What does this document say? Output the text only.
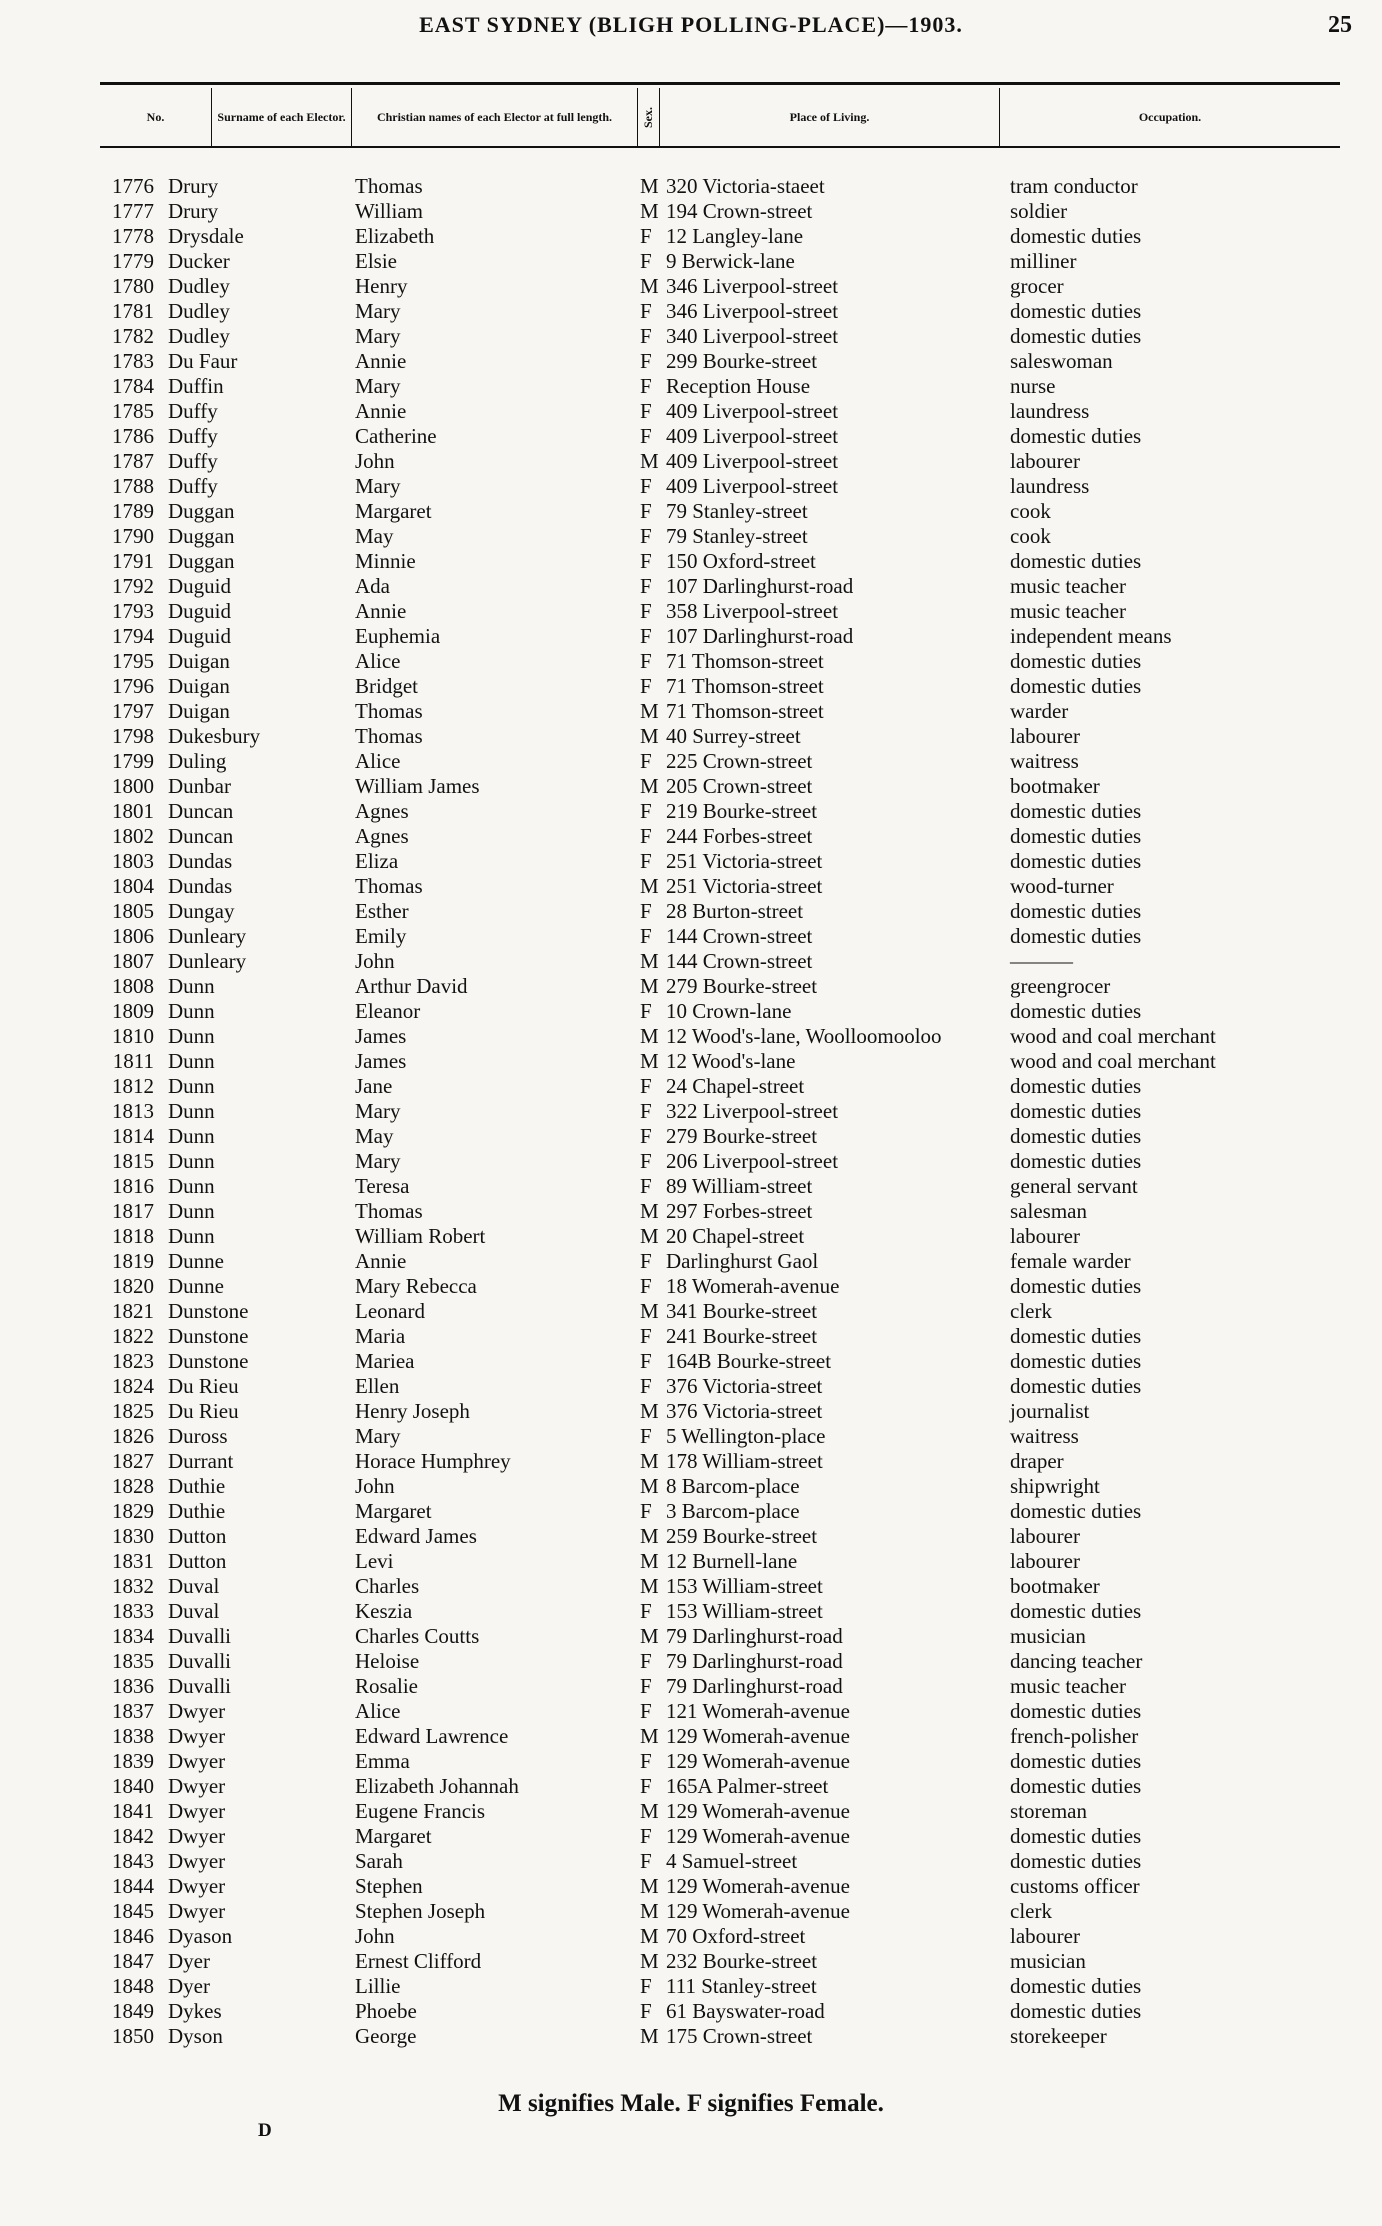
EAST SYDNEY (BLIGH POLLING-PLACE)—1903.	25
No.	Surname of each Elector.	Christian names of each Elector at full length.	Sex.	Place of Living.	Occupation.
1776 Drury	Thomas	M 320 Victoria-staeet	tram conductor
1777 Drury	William	M 194 Crown-street	soldier
1778 Drysdale	Elizabeth	F 12 Langley-lane	domestic duties
1779 Ducker	Elsie	F 9 Berwick-lane	milliner
1780 Dudley	Henry	M 346 Liverpool-street	grocer
1781 Dudley	Mary	F 346 Liverpool-street	domestic duties
1782 Dudley	Mary	F 340 Liverpool-street	domestic duties
1783 Du Faur	Annie	F 299 Bourke-street	saleswoman
1784 Duffin	Mary	F Reception House	nurse
1785 Duffy	Annie	F 409 Liverpool-street	laundress
1786 Duffy	Catherine	F 409 Liverpool-street	domestic duties
1787 Duffy	John	M 409 Liverpool-street	labourer
1788 Duffy	Mary	F 409 Liverpool-street	laundress
1789 Duggan	Margaret	F 79 Stanley-street	cook
1790 Duggan	May	F 79 Stanley-street	cook
1791 Duggan	Minnie	F 150 Oxford-street	domestic duties
1792 Duguid	Ada	F 107 Darlinghurst-road	music teacher
1793 Duguid	Annie	F 358 Liverpool-street	music teacher
1794 Duguid	Euphemia	F 107 Darlinghurst-road	independent means
1795 Duigan	Alice	F 71 Thomson-street	domestic duties
1796 Duigan	Bridget	F 71 Thomson-street	domestic duties
1797 Duigan	Thomas	M 71 Thomson-street	warder
1798 Dukesbury	Thomas	M 40 Surrey-street	labourer
1799 Duling	Alice	F 225 Crown-street	waitress
1800 Dunbar	William James	M 205 Crown-street	bootmaker
1801 Duncan	Agnes	F 219 Bourke-street	domestic duties
1802 Duncan	Agnes	F 244 Forbes-street	domestic duties
1803 Dundas	Eliza	F 251 Victoria-street	domestic duties
1804 Dundas	Thomas	M 251 Victoria-street	wood-turner
1805 Dungay	Esther	F 28 Burton-street	domestic duties
1806 Dunleary	Emily	F 144 Crown-street	domestic duties
1807 Dunleary	John	M 144 Crown-street	———
1808 Dunn	Arthur David	M 279 Bourke-street	greengrocer
1809 Dunn	Eleanor	F 10 Crown-lane	domestic duties
1810 Dunn	James	M 12 Wood's-lane, Woolloomooloo	wood and coal merchant
1811 Dunn	James	M 12 Wood's-lane	wood and coal merchant
1812 Dunn	Jane	F 24 Chapel-street	domestic duties
1813 Dunn	Mary	F 322 Liverpool-street	domestic duties
1814 Dunn	May	F 279 Bourke-street	domestic duties
1815 Dunn	Mary	F 206 Liverpool-street	domestic duties
1816 Dunn	Teresa	F 89 William-street	general servant
1817 Dunn	Thomas	M 297 Forbes-street	salesman
1818 Dunn	William Robert	M 20 Chapel-street	labourer
1819 Dunne	Annie	F Darlinghurst Gaol	female warder
1820 Dunne	Mary Rebecca	F 18 Womerah-avenue	domestic duties
1821 Dunstone	Leonard	M 341 Bourke-street	clerk
1822 Dunstone	Maria	F 241 Bourke-street	domestic duties
1823 Dunstone	Mariea	F 164B Bourke-street	domestic duties
1824 Du Rieu	Ellen	F 376 Victoria-street	domestic duties
1825 Du Rieu	Henry Joseph	M 376 Victoria-street	journalist
1826 Duross	Mary	F 5 Wellington-place	waitress
1827 Durrant	Horace Humphrey	M 178 William-street	draper
1828 Duthie	John	M 8 Barcom-place	shipwright
1829 Duthie	Margaret	F 3 Barcom-place	domestic duties
1830 Dutton	Edward James	M 259 Bourke-street	labourer
1831 Dutton	Levi	M 12 Burnell-lane	labourer
1832 Duval	Charles	M 153 William-street	bootmaker
1833 Duval	Keszia	F 153 William-street	domestic duties
1834 Duvalli	Charles Coutts	M 79 Darlinghurst-road	musician
1835 Duvalli	Heloise	F 79 Darlinghurst-road	dancing teacher
1836 Duvalli	Rosalie	F 79 Darlinghurst-road	music teacher
1837 Dwyer	Alice	F 121 Womerah-avenue	domestic duties
1838 Dwyer	Edward Lawrence	M 129 Womerah-avenue	french-polisher
1839 Dwyer	Emma	F 129 Womerah-avenue	domestic duties
1840 Dwyer	Elizabeth Johannah	F 165A Palmer-street	domestic duties
1841 Dwyer	Eugene Francis	M 129 Womerah-avenue	storeman
1842 Dwyer	Margaret	F 129 Womerah-avenue	domestic duties
1843 Dwyer	Sarah	F 4 Samuel-street	domestic duties
1844 Dwyer	Stephen	M 129 Womerah-avenue	customs officer
1845 Dwyer	Stephen Joseph	M 129 Womerah-avenue	clerk
1846 Dyason	John	M 70 Oxford-street	labourer
1847 Dyer	Ernest Clifford	M 232 Bourke-street	musician
1848 Dyer	Lillie	F 111 Stanley-street	domestic duties
1849 Dykes	Phoebe	F 61 Bayswater-road	domestic duties
1850 Dyson	George	M 175 Crown-street	storekeeper
M signifies Male. F signifies Female.
D
